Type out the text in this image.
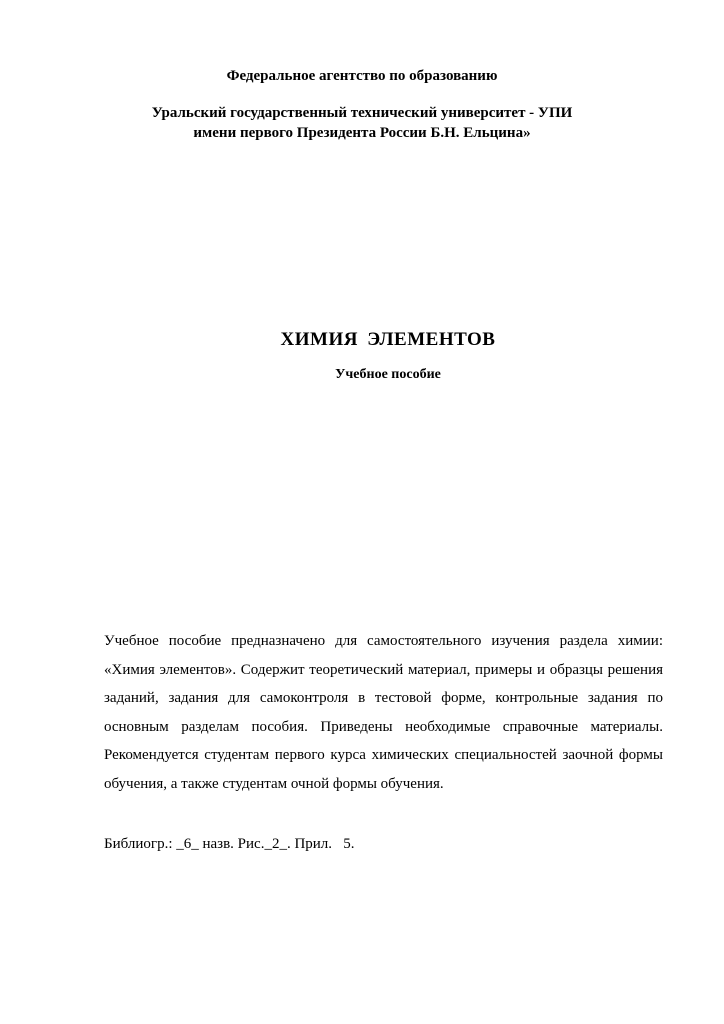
Федеральное агентство по образованию
Уральский государственный технический университет - УПИ
имени первого Президента России Б.Н. Ельцина»
ХИМИЯ ЭЛЕМЕНТОВ
Учебное пособие

Учебное пособие предназначено для самостоятельного изучения раздела химии: «Химия элементов». Содержит теоретический материал, примеры и образцы решения заданий, задания для самоконтроля в тестовой форме, контрольные задания по основным разделам пособия. Приведены необходимые справочные материалы. Рекомендуется студентам первого курса химических специальностей заочной формы обучения, а также студентам очной формы обучения.

Библиогр.: _6_ назв. Рис._2_. Прил.   5.
